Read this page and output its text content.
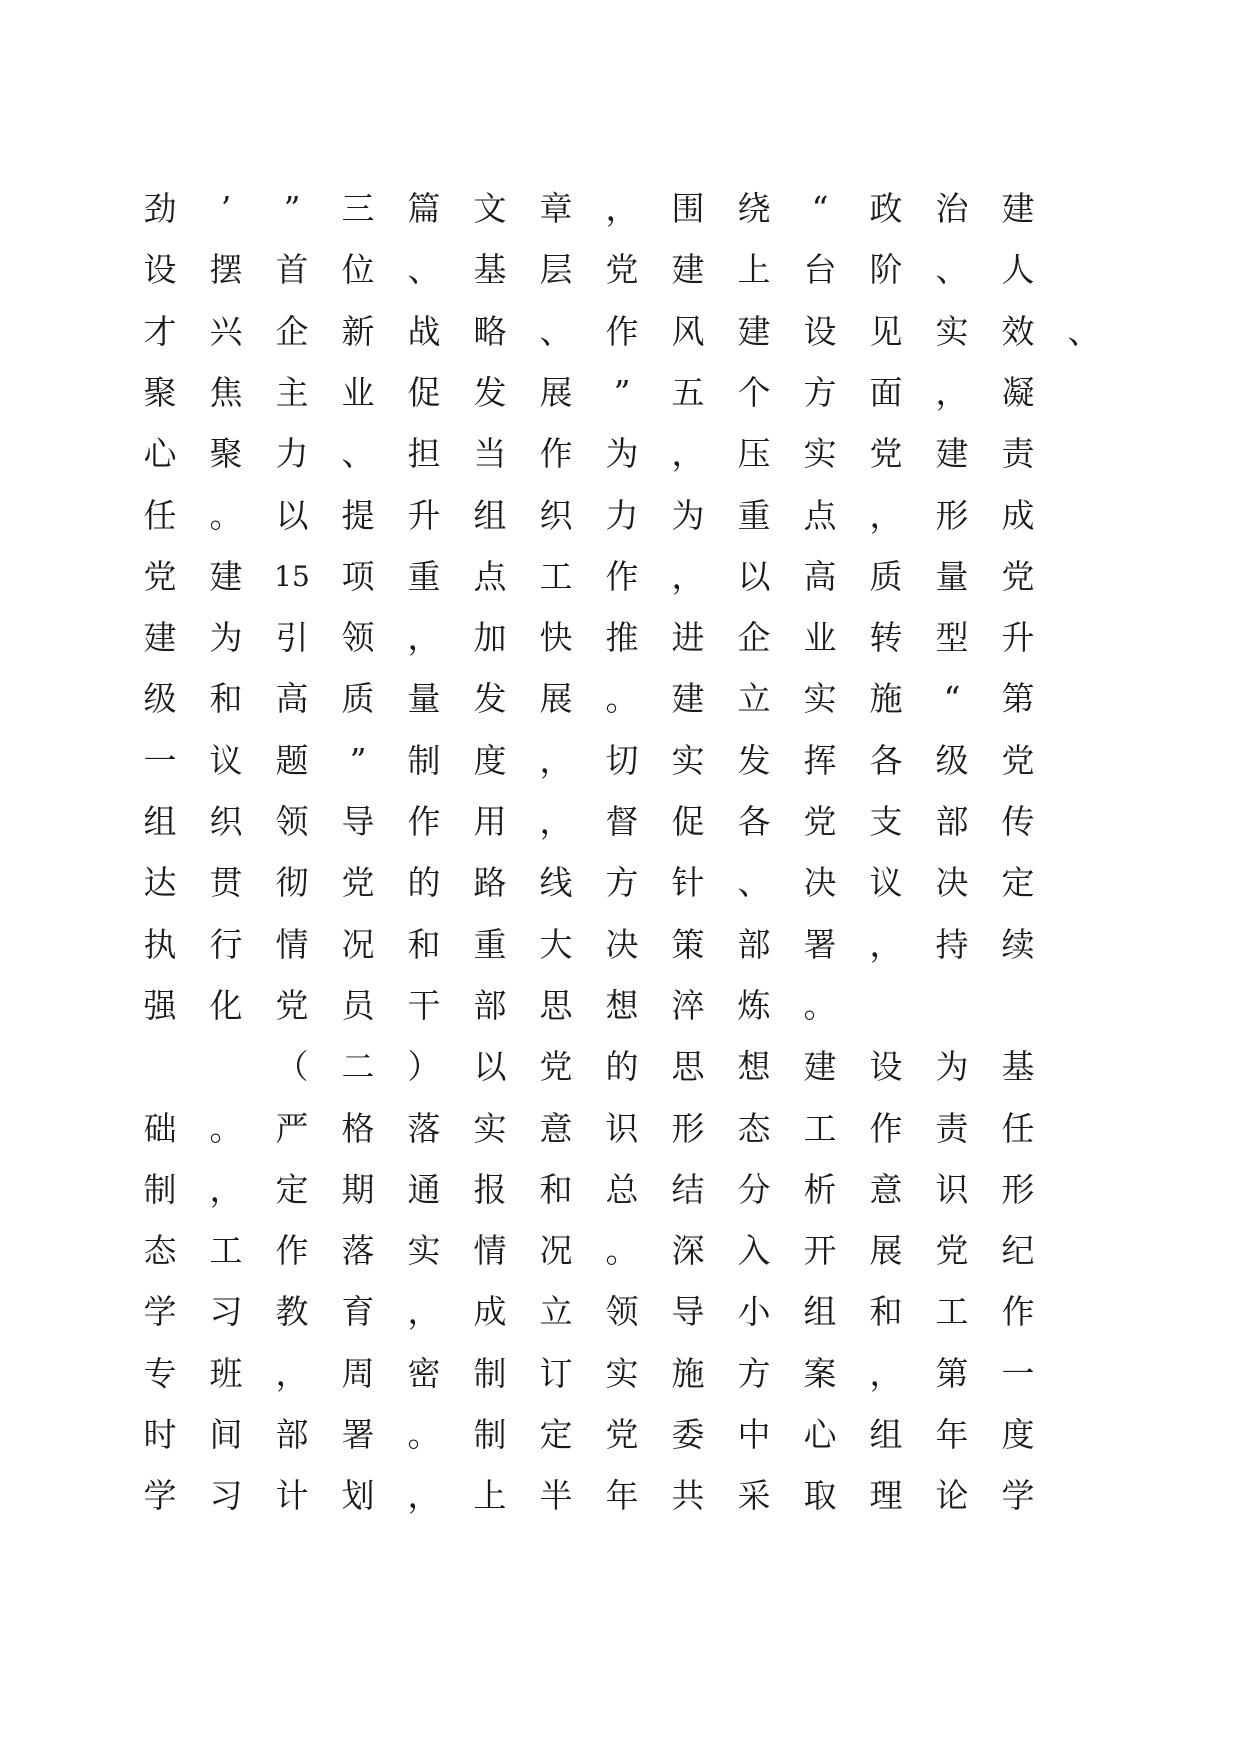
劲	’	”	三 篇 文 章 ， 围 绕	“	政 治 建
设 摆 首 位 、 基 层 党 建 上 台 阶 、 人
才 兴 企 新 战 略 、 作 风 建 设 见 实 效 、
聚 焦 主 业 促 发 展	”	五 个 方 面 ， 凝
心 聚 力 、 担 当 作 为 ， 压 实 党 建 责
任 。 以 提 升 组 织 力 为 重 点 ， 形 成
党 建	15 项 重 点 工 作 ， 以 高 质 量 党
建 为 引 领 ， 加 快 推 进 企 业 转 型 升
级 和 高 质 量 发 展 。 建 立 实 施	“	第
一 议 题	”	制 度 ， 切 实 发 挥 各 级 党
组 织 领 导 作 用 ， 督 促 各 党 支 部 传
达 贯 彻 党 的 路 线 方 针 、 决 议 决 定
执 行 情 况 和 重 大 决 策 部 署 ， 持 续
强 化 党 员 干 部 思 想 淬 炼 。
（ 二 ） 以 党 的 思 想 建 设 为 基
础 。 严 格 落 实 意 识 形 态 工 作 责 任
制 ， 定 期 通 报 和 总 结 分 析 意 识 形
态 工 作 落 实 情 况 。 深 入 开 展 党 纪
学 习 教 育 ， 成 立 领 导 小 组 和 工 作
专 班 ， 周 密 制 订 实 施 方 案 ， 第 一
时 间 部 署 。 制 定 党 委 中 心 组 年 度
学 习 计 划 ， 上 半 年 共 采 取 理 论 学
